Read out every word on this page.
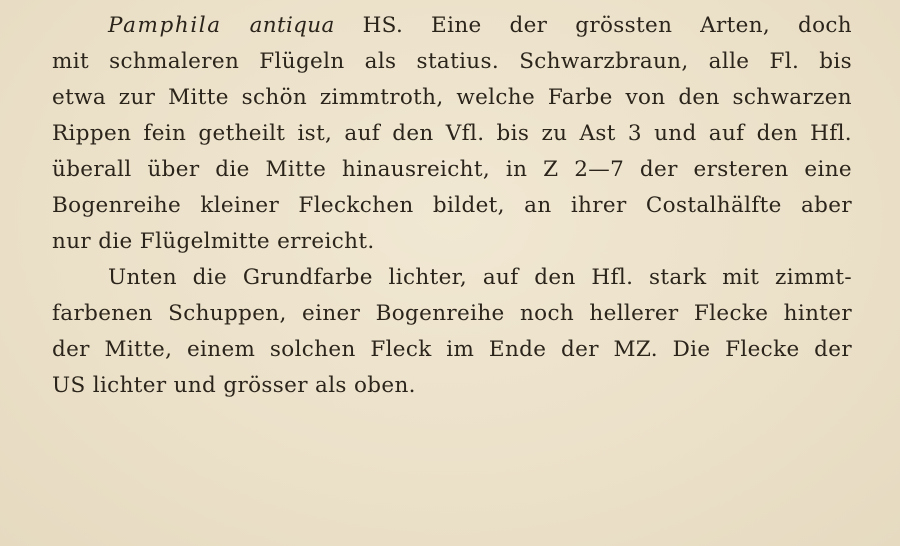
Pamphila antiqua HS. Eine der grössten Arten, doch
mit schmaleren Flügeln als statius. Schwarzbraun, alle Fl. bis
etwa zur Mitte schön zimmtroth, welche Farbe von den schwarzen
Rippen fein getheilt ist, auf den Vfl. bis zu Ast 3 und auf den Hfl.
überall über die Mitte hinausreicht, in Z 2—7 der ersteren eine
Bogenreihe kleiner Fleckchen bildet, an ihrer Costalhälfte aber
nur die Flügelmitte erreicht.
Unten die Grundfarbe lichter, auf den Hfl. stark mit zimmt-
farbenen Schuppen, einer Bogenreihe noch hellerer Flecke hinter
der Mitte, einem solchen Fleck im Ende der MZ. Die Flecke der
US lichter und grösser als oben.
